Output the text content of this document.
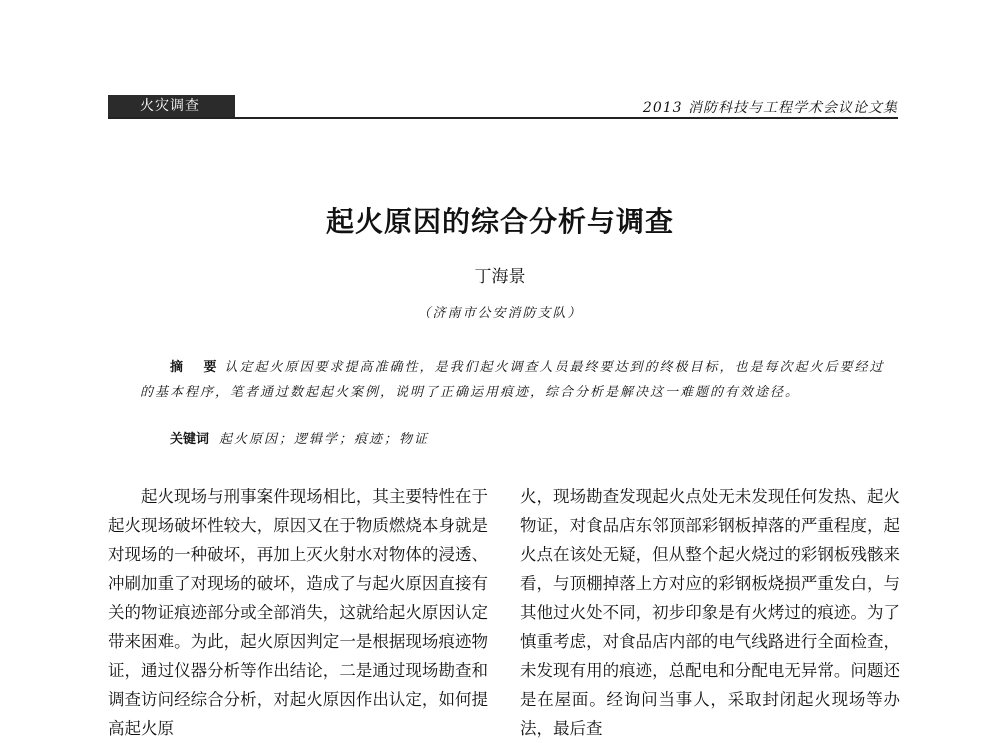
火灾调查	2013 消防科技与工程学术会议论文集
起火原因的综合分析与调查
丁海景
（济南市公安消防支队）

摘 要认定起火原因要求提高准确性，是我们起火调查人员最终要达到的终极目标，也是每次起火后要经过的基本程序，笔者通过数起起火案例，说明了正确运用痕迹，综合分析是解决这一难题的有效途径。

关键词 起火原因；逻辑学；痕迹；物证

起火现场与刑事案件现场相比，其主要特性在于起火现场破坏性较大，原因又在于物质燃烧本身就是对现场的一种破坏，再加上灭火射水对物体的浸透、冲刷加重了对现场的破坏，造成了与起火原因直接有关的物证痕迹部分或全部消失，这就给起火原因认定带来困难。为此，起火原因判定一是根据现场痕迹物证，通过仪器分析等作出结论，二是通过现场勘查和调查访问经综合分析，对起火原因作出认定，如何提高起火原

火，现场勘查发现起火点处无未发现任何发热、起火物证，对食品店东邻顶部彩钢板掉落的严重程度，起火点在该处无疑，但从整个起火烧过的彩钢板残骸来看，与顶棚掉落上方对应的彩钢板烧损严重发白，与其他过火处不同，初步印象是有火烤过的痕迹。为了慎重考虑，对食品店内部的电气线路进行全面检查，未发现有用的痕迹，总配电和分配电无异常。问题还是在屋面。经询问当事人，采取封闭起火现场等办法，最后查
